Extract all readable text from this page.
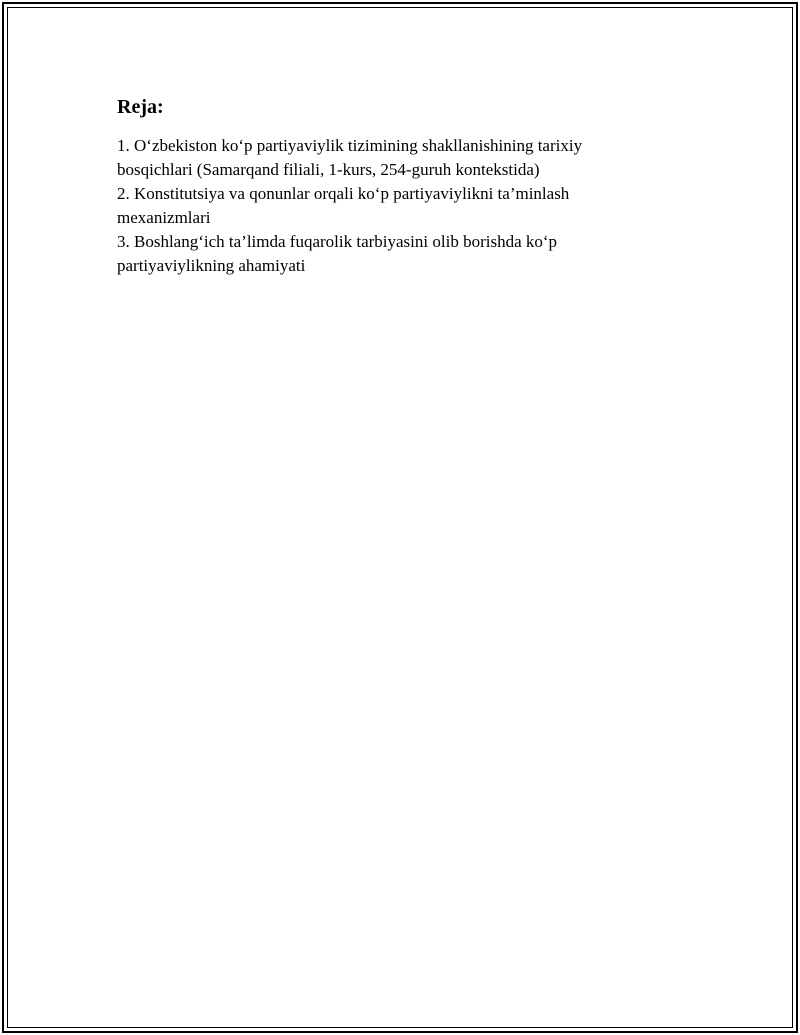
Reja:
1. O‘zbekiston ko‘p partiyaviylik tizimining shakllanishining tarixiy bosqichlari (Samarqand filiali, 1-kurs, 254-guruh kontekstida)
2. Konstitutsiya va qonunlar orqali ko‘p partiyaviylikni ta’minlash mexanizmlari
3. Boshlang‘ich ta’limda fuqarolik tarbiyasini olib borishda ko‘p partiyaviylikning ahamiyati
